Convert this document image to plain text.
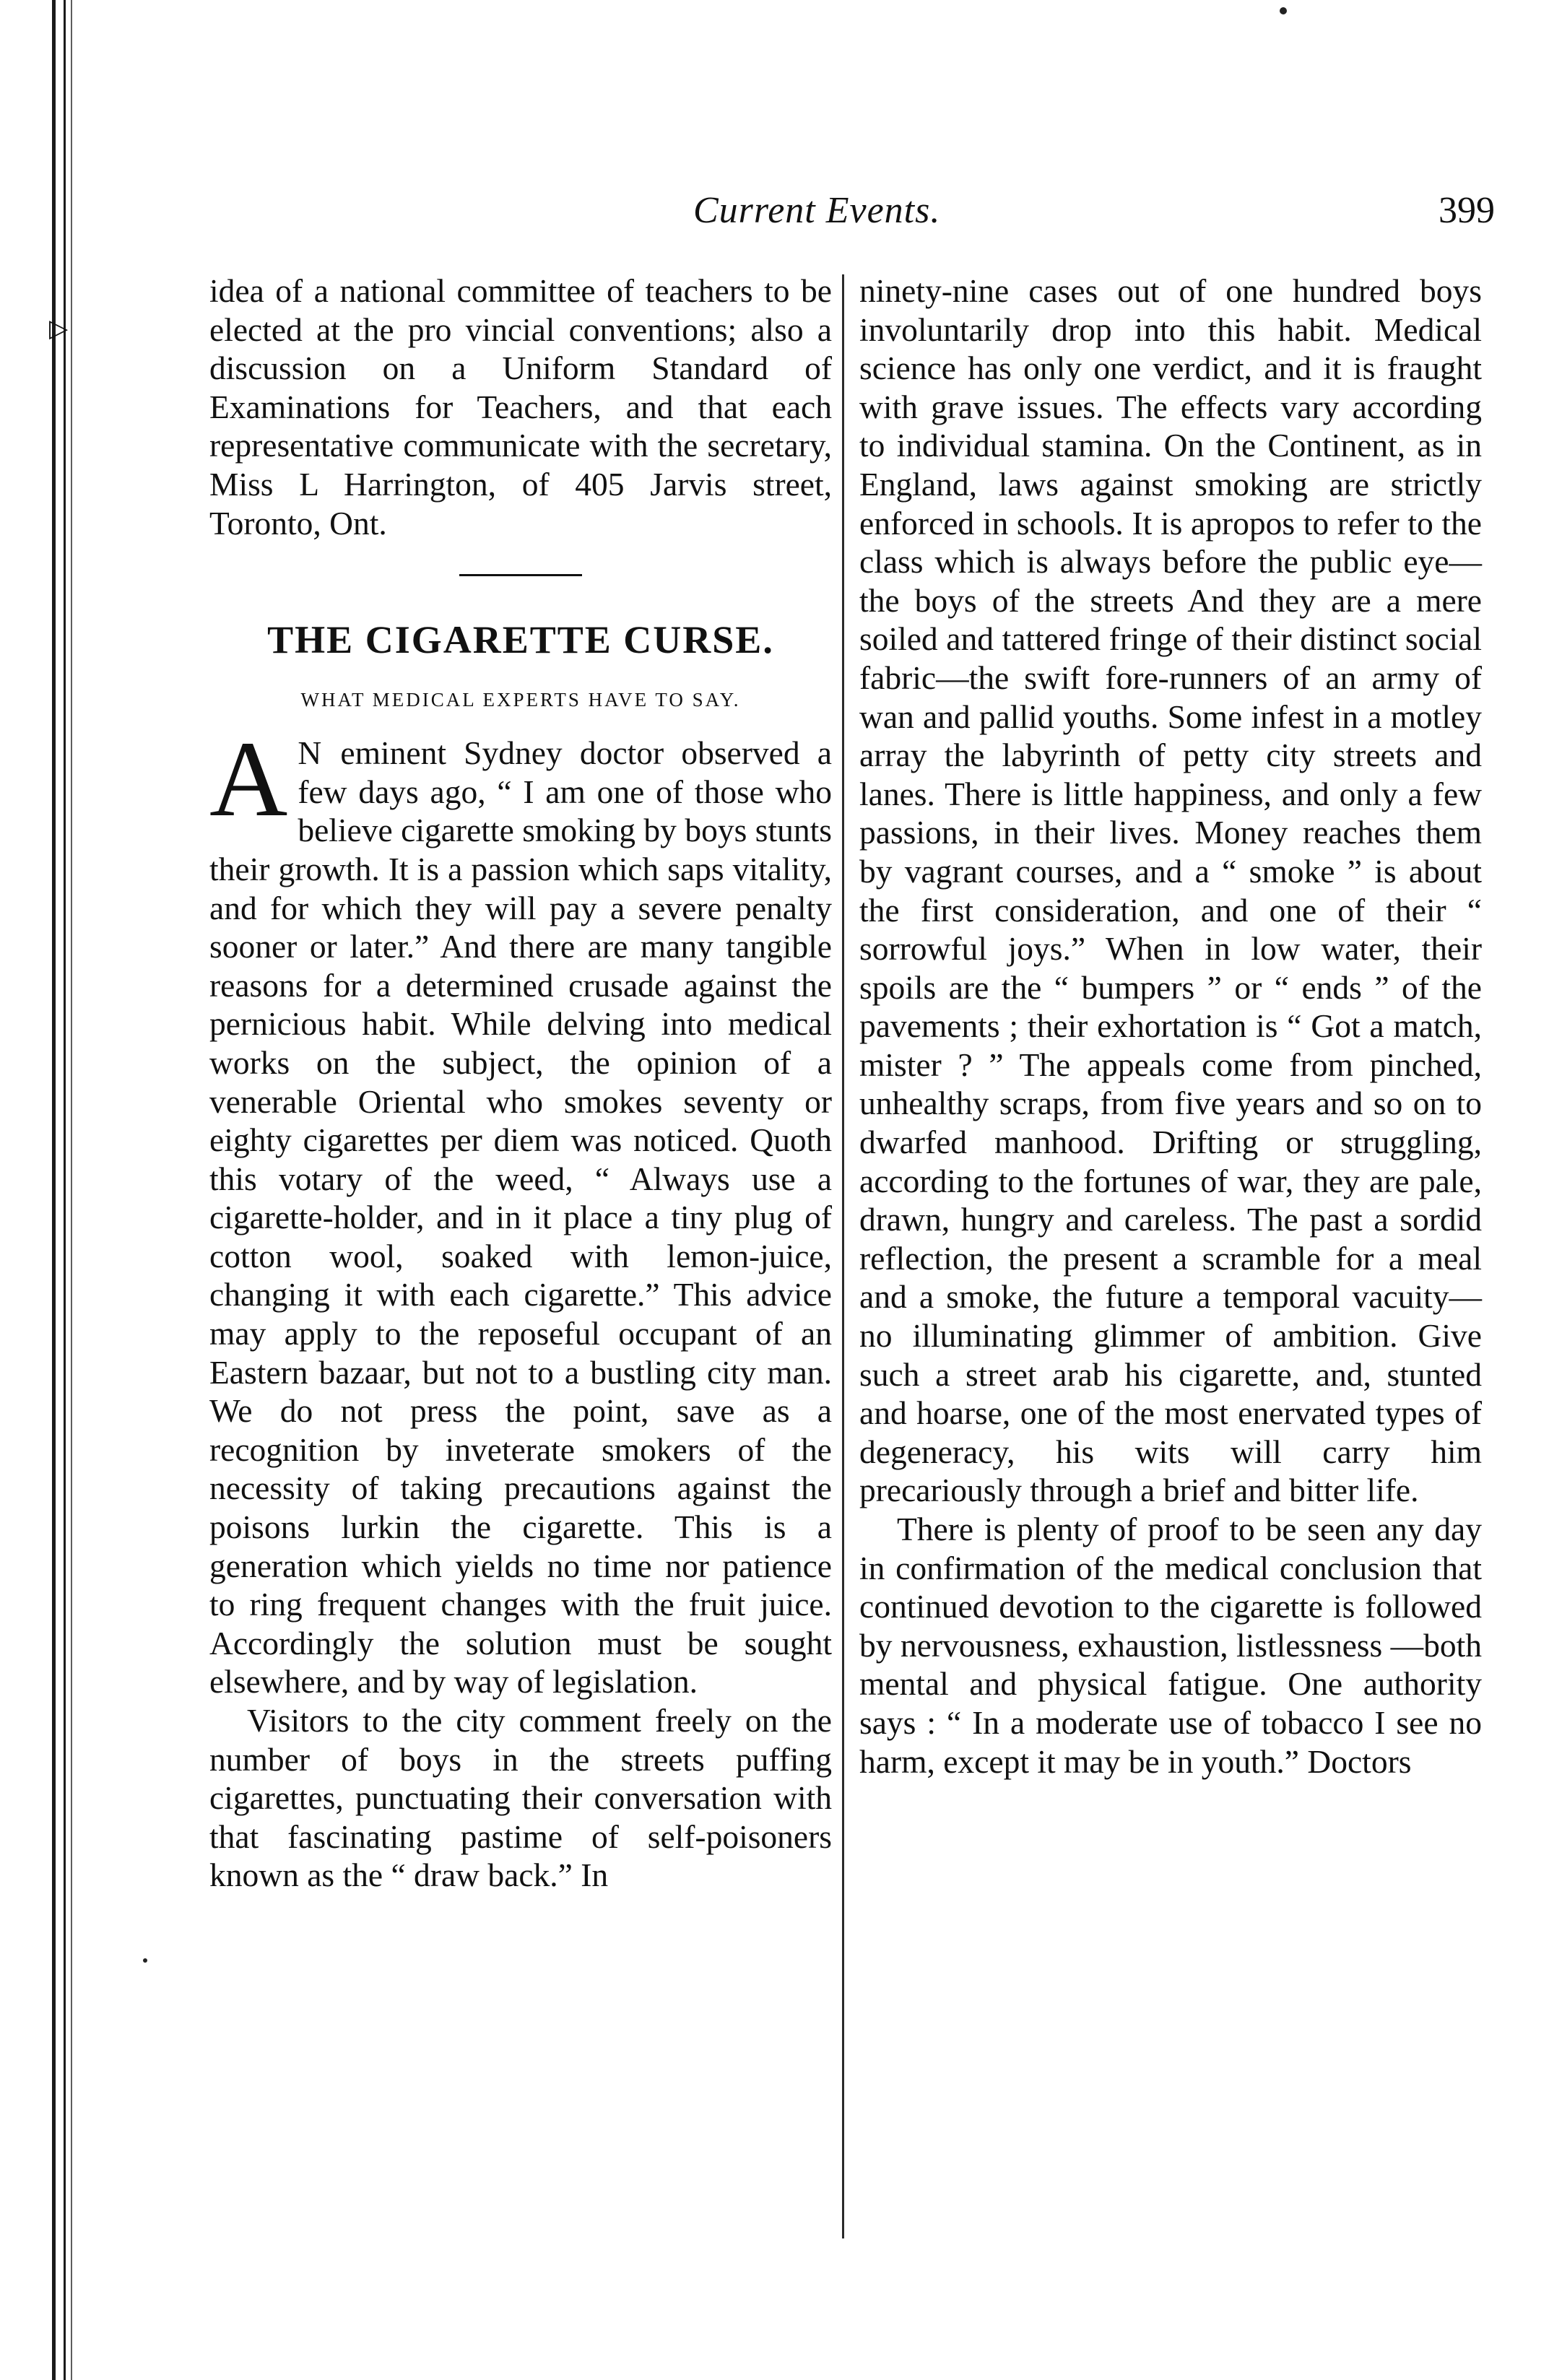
▷
Current Events.	399

idea of a national committee of teachers to be elected at the pro vincial conventions; also a discussion on a Uniform Standard of Examinations for Teachers, and that each representative communicate with the secretary, Miss L Harrington, of 405 Jarvis street, Toronto, Ont.

THE CIGARETTE CURSE.
WHAT MEDICAL EXPERTS HAVE TO SAY.

A N eminent Sydney doctor observed a few days ago, “ I am one of those who believe cigarette smoking by boys stunts their growth. It is a passion which saps vitality, and for which they will pay a severe penalty sooner or later.” And there are many tangible reasons for a determined crusade against the pernicious habit. While delving into medical works on the subject, the opinion of a venerable Oriental who smokes seventy or eighty cigarettes per diem was noticed. Quoth this votary of the weed, “ Always use a cigarette-holder, and in it place a tiny plug of cotton wool, soaked with lemon-juice, changing it with each cigarette.” This advice may apply to the reposeful occupant of an Eastern bazaar, but not to a bustling city man. We do not press the point, save as a recognition by inveterate smokers of the necessity of taking precautions against the poisons lurkin the cigarette. This is a generation which yields no time nor patience to ring frequent changes with the fruit juice. Accordingly the solution must be sought elsewhere, and by way of legislation.

Visitors to the city comment freely on the number of boys in the streets puffing cigarettes, punctuating their conversation with that fascinating pastime of self-poisoners known as the “ draw back.” In

ninety-nine cases out of one hundred boys involuntarily drop into this habit. Medical science has only one verdict, and it is fraught with grave issues. The effects vary according to individual stamina. On the Continent, as in England, laws against smoking are strictly enforced in schools. It is apropos to refer to the class which is always before the public eye—the boys of the streets And they are a mere soiled and tattered fringe of their distinct social fabric—the swift fore-runners of an army of wan and pallid youths. Some infest in a motley array the labyrinth of petty city streets and lanes. There is little happiness, and only a few passions, in their lives. Money reaches them by vagrant courses, and a “ smoke ” is about the first consideration, and one of their “ sorrowful joys.” When in low water, their spoils are the “ bumpers ” or “ ends ” of the pavements ; their exhortation is “ Got a match, mister ? ” The appeals come from pinched, unhealthy scraps, from five years and so on to dwarfed manhood. Drifting or struggling, according to the fortunes of war, they are pale, drawn, hungry and careless. The past a sordid reflection, the present a scramble for a meal and a smoke, the future a temporal vacuity—no illuminating glimmer of ambition. Give such a street arab his cigarette, and, stunted and hoarse, one of the most enervated types of degeneracy, his wits will carry him precariously through a brief and bitter life.

There is plenty of proof to be seen any day in confirmation of the medical conclusion that continued devotion to the cigarette is followed by nervousness, exhaustion, listlessness —both mental and physical fatigue. One authority says : “ In a moderate use of tobacco I see no harm, except it may be in youth.” Doctors
